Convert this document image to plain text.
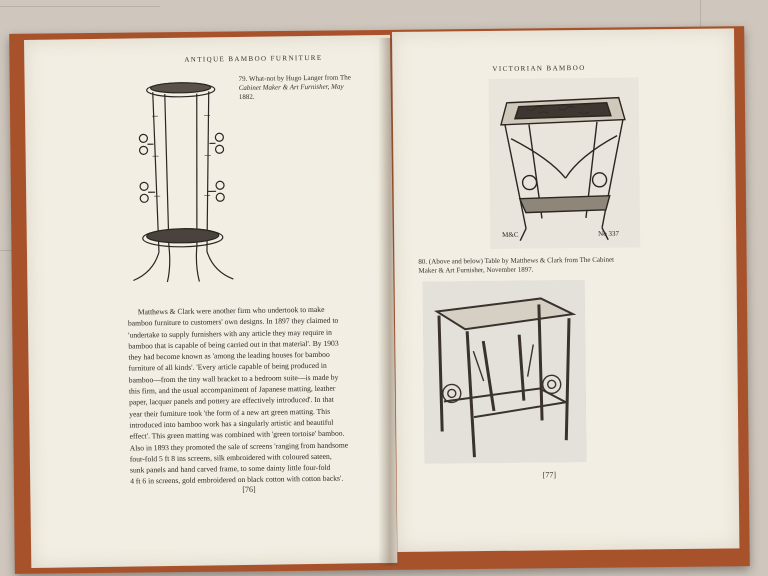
ANTIQUE BAMBOO FURNITURE
79. What-not by Hugo Langer from The
Cabinet Maker & Art Furnisher, May
1882.
Matthews & Clark were another firm who undertook to make
bamboo furniture to customers' own designs. In 1897 they claimed to
'undertake to supply furnishers with any article they may require in
bamboo that is capable of being carried out in that material'. By 1903
they had become known as 'among the leading houses for bamboo
furniture of all kinds'. 'Every article capable of being produced in
bamboo—from the tiny wall bracket to a bedroom suite—is made by
this firm, and the usual accompaniment of Japanese matting, leather
paper, lacquer panels and pottery are effectively introduced'. In that
year their furniture took 'the form of a new art green matting. This
introduced into bamboo work has a singularly artistic and beautiful
effect'. This green matting was combined with 'green tortoise' bamboo.
Also in 1893 they promoted the sale of screens 'ranging from handsome
four-fold 5 ft 8 ins screens, silk embroidered with coloured sateen,
sunk panels and hand carved frame, to some dainty little four-fold
4 ft 6 in screens, gold embroidered on black cotton with cotton backs'.
[76]
VICTORIAN BAMBOO
M&C	No 337
80. (Above and below) Table by Matthews & Clark from The Cabinet
Maker & Art Furnisher, November 1897.
[77]
